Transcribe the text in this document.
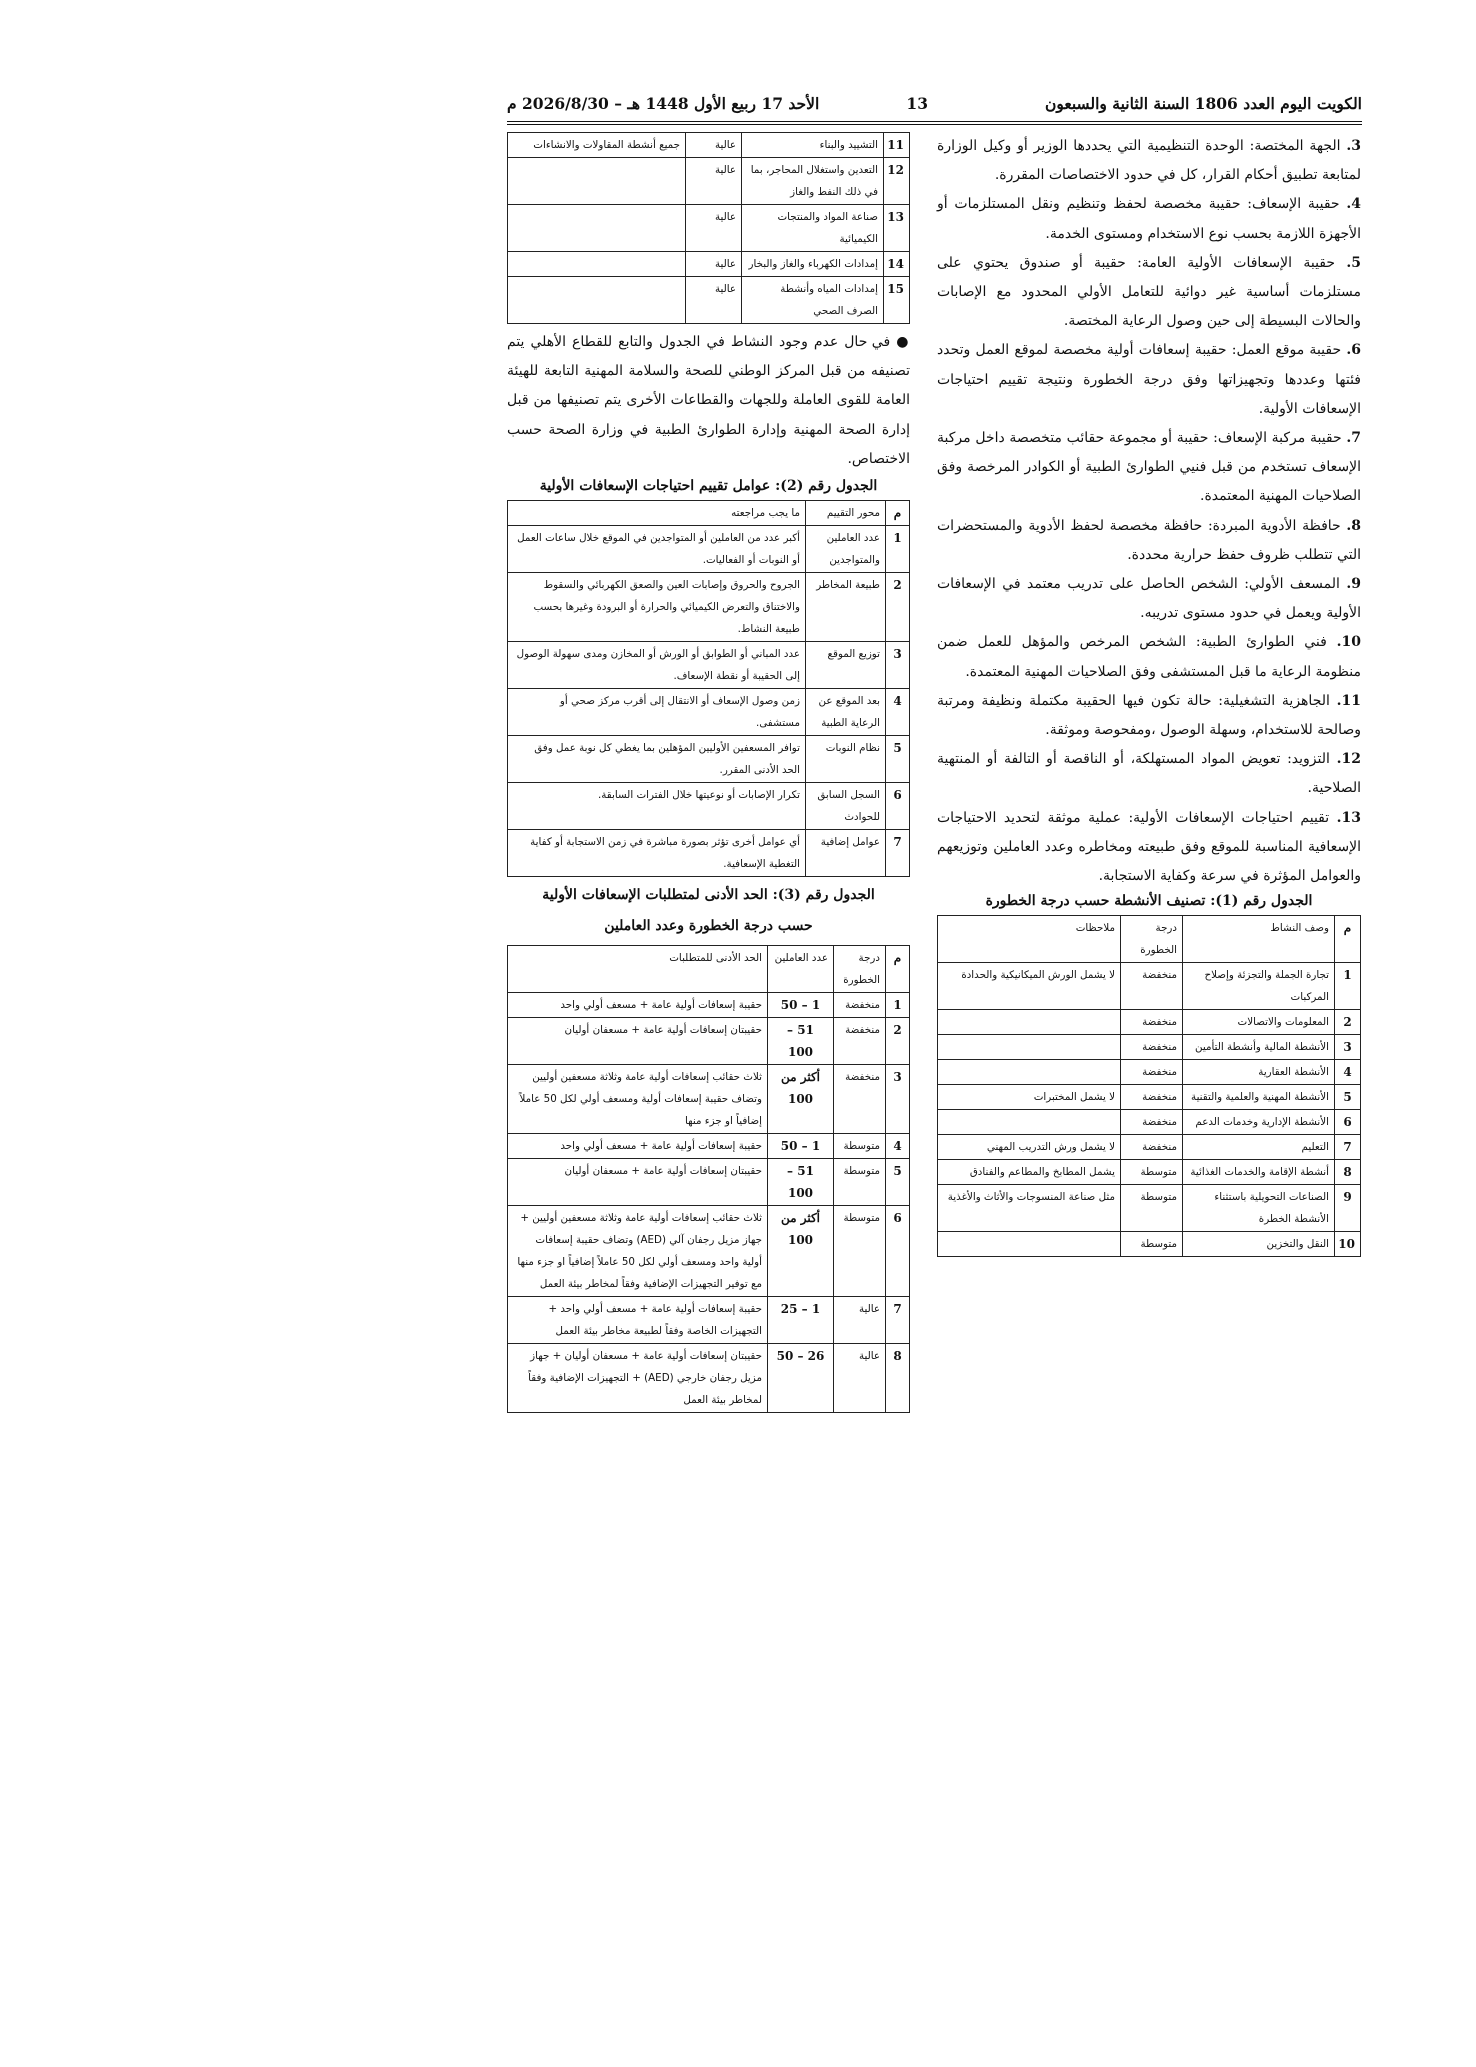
الكويت اليوم العدد 1806 السنة الثانية والسبعون
13
الأحد 17 ربيع الأول 1448 هـ – 2026/8/30 م

3. الجهة المختصة: الوحدة التنظيمية التي يحددها الوزير أو وكيل الوزارة لمتابعة تطبيق أحكام القرار، كل في حدود الاختصاصات المقررة.

4. حقيبة الإسعاف: حقيبة مخصصة لحفظ وتنظيم ونقل المستلزمات أو الأجهزة اللازمة بحسب نوع الاستخدام ومستوى الخدمة.

5. حقيبة الإسعافات الأولية العامة: حقيبة أو صندوق يحتوي على مستلزمات أساسية غير دوائية للتعامل الأولي المحدود مع الإصابات والحالات البسيطة إلى حين وصول الرعاية المختصة.

6. حقيبة موقع العمل: حقيبة إسعافات أولية مخصصة لموقع العمل وتحدد فئتها وعددها وتجهيزاتها وفق درجة الخطورة ونتيجة تقييم احتياجات الإسعافات الأولية.

7. حقيبة مركبة الإسعاف: حقيبة أو مجموعة حقائب متخصصة داخل مركبة الإسعاف تستخدم من قبل فنيي الطوارئ الطبية أو الكوادر المرخصة وفق الصلاحيات المهنية المعتمدة.

8. حافظة الأدوية المبردة: حافظة مخصصة لحفظ الأدوية والمستحضرات التي تتطلب ظروف حفظ حرارية محددة.

9. المسعف الأولي: الشخص الحاصل على تدريب معتمد في الإسعافات الأولية ويعمل في حدود مستوى تدريبه.

10. فني الطوارئ الطبية: الشخص المرخص والمؤهل للعمل ضمن منظومة الرعاية ما قبل المستشفى وفق الصلاحيات المهنية المعتمدة.

11. الجاهزية التشغيلية: حالة تكون فيها الحقيبة مكتملة ونظيفة ومرتبة وصالحة للاستخدام، وسهلة الوصول ،ومفحوصة وموثقة.

12. التزويد: تعويض المواد المستهلكة، أو الناقصة أو التالفة أو المنتهية الصلاحية.

13. تقييم احتياجات الإسعافات الأولية: عملية موثقة لتحديد الاحتياجات الإسعافية المناسبة للموقع وفق طبيعته ومخاطره وعدد العاملين وتوزيعهم والعوامل المؤثرة في سرعة وكفاية الاستجابة.

الجدول رقم (1): تصنيف الأنشطة حسب درجة الخطورة

م	وصف النشاط	درجة الخطورة	ملاحظات
1	تجارة الجملة والتجزئة وإصلاح المركبات	منخفضة	لا يشمل الورش الميكانيكية والحدادة
2	المعلومات والاتصالات	منخفضة	
3	الأنشطة المالية وأنشطة التأمين	منخفضة	
4	الأنشطة العقارية	منخفضة	
5	الأنشطة المهنية والعلمية والتقنية	منخفضة	لا يشمل المختبرات
6	الأنشطة الإدارية وخدمات الدعم	منخفضة	
7	التعليم	منخفضة	لا يشمل ورش التدريب المهني
8	أنشطة الإقامة والخدمات الغذائية	متوسطة	يشمل المطابخ والمطاعم والفنادق
9	الصناعات التحويلية باستثناء الأنشطة الخطرة	متوسطة	مثل صناعة المنسوجات والأثاث والأغذية
10	النقل والتخزين	متوسطة	
11	التشييد والبناء	عالية	جميع أنشطة المقاولات والانشاءات
12	التعدين واستغلال المحاجر، بما في ذلك النفط والغاز	عالية	
13	صناعة المواد والمنتجات الكيميائية	عالية	
14	إمدادات الكهرباء والغاز والبخار	عالية	
15	إمدادات المياه وأنشطة الصرف الصحي	عالية	

● في حال عدم وجود النشاط في الجدول والتابع للقطاع الأهلي يتم تصنيفه من قبل المركز الوطني للصحة والسلامة المهنية التابعة للهيئة العامة للقوى العاملة وللجهات والقطاعات الأخرى يتم تصنيفها من قبل إدارة الصحة المهنية وإدارة الطوارئ الطبية في وزارة الصحة حسب الاختصاص.

الجدول رقم (2): عوامل تقييم احتياجات الإسعافات الأولية

م	محور التقييم	ما يجب مراجعته
1	عدد العاملين والمتواجدين	أكبر عدد من العاملين أو المتواجدين في الموقع خلال ساعات العمل أو النوبات أو الفعاليات.
2	طبيعة المخاطر	الجروح والحروق وإصابات العين والصعق الكهربائي والسقوط والاختناق والتعرض الكيميائي والحرارة أو البرودة وغيرها بحسب طبيعة النشاط.
3	توزيع الموقع	عدد المباني أو الطوابق أو الورش أو المخازن ومدى سهولة الوصول إلى الحقيبة أو نقطة الإسعاف.
4	بعد الموقع عن الرعاية الطبية	زمن وصول الإسعاف أو الانتقال إلى أقرب مركز صحي أو مستشفى.
5	نظام النوبات	توافر المسعفين الأوليين المؤهلين بما يغطي كل نوبة عمل وفق الحد الأدنى المقرر.
6	السجل السابق للحوادث	تكرار الإصابات أو نوعيتها خلال الفترات السابقة.
7	عوامل إضافية	أي عوامل أخرى تؤثر بصورة مباشرة في زمن الاستجابة أو كفاية التغطية الإسعافية.

الجدول رقم (3): الحد الأدنى لمتطلبات الإسعافات الأولية

حسب درجة الخطورة وعدد العاملين

م	درجة الخطورة	عدد العاملين	الحد الأدنى للمتطلبات
1	منخفضة	1 – 50	حقيبة إسعافات أولية عامة + مسعف أولي واحد
2	منخفضة	51 – 100	حقيبتان إسعافات أولية عامة + مسعفان أوليان
3	منخفضة	أكثر من 100	ثلاث حقائب إسعافات أولية عامة وثلاثة مسعفين أوليين وتضاف حقيبة إسعافات أولية ومسعف أولي لكل 50 عاملاً إضافياً او جزء منها
4	متوسطة	1 – 50	حقيبة إسعافات أولية عامة + مسعف أولي واحد
5	متوسطة	51 – 100	حقيبتان إسعافات أولية عامة + مسعفان أوليان
6	متوسطة	أكثر من 100	ثلاث حقائب إسعافات أولية عامة وثلاثة مسعفين أوليين + جهاز مزيل رجفان آلي (AED) وتضاف حقيبة إسعافات أولية واحد ومسعف أولي لكل 50 عاملاً إضافياً او جزء منها مع توفير التجهيزات الإضافية وفقاً لمخاطر بيئة العمل
7	عالية	1 – 25	حقيبة إسعافات أولية عامة + مسعف أولي واحد + التجهيزات الخاصة وفقاً لطبيعة مخاطر بيئة العمل
8	عالية	26 – 50	حقيبتان إسعافات أولية عامة + مسعفان أوليان + جهاز مزيل رجفان خارجي (AED) + التجهيزات الإضافية وفقاً لمخاطر بيئة العمل
